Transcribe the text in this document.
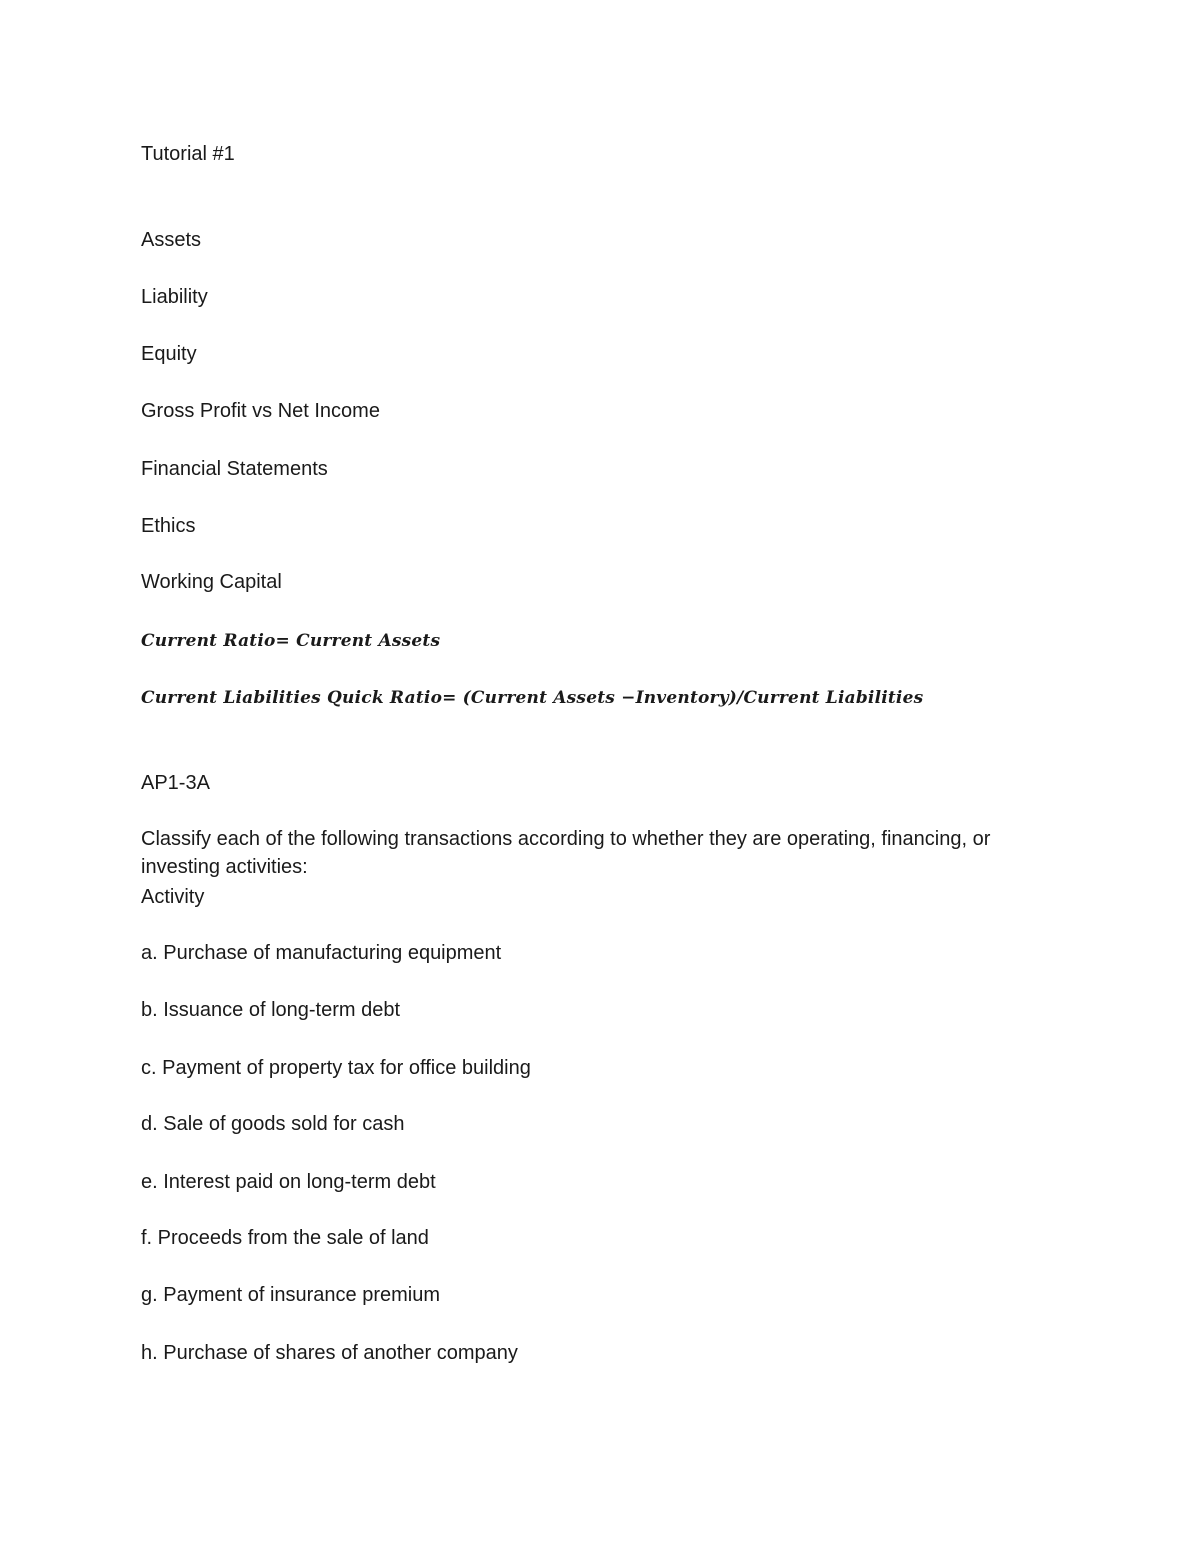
Tutorial #1
Assets
Liability
Equity
Gross Profit vs Net Income
Financial Statements
Ethics
Working Capital
Current Ratio= Current Assets
Current Liabilities Quick Ratio= (Current Assets −Inventory)/Current Liabilities
AP1-3A
Classify each of the following transactions according to whether they are operating, financing, or investing activities:
Activity
a. Purchase of manufacturing equipment
b. Issuance of long-term debt
c. Payment of property tax for office building
d. Sale of goods sold for cash
e. Interest paid on long-term debt
f. Proceeds from the sale of land
g. Payment of insurance premium
h. Purchase of shares of another company
